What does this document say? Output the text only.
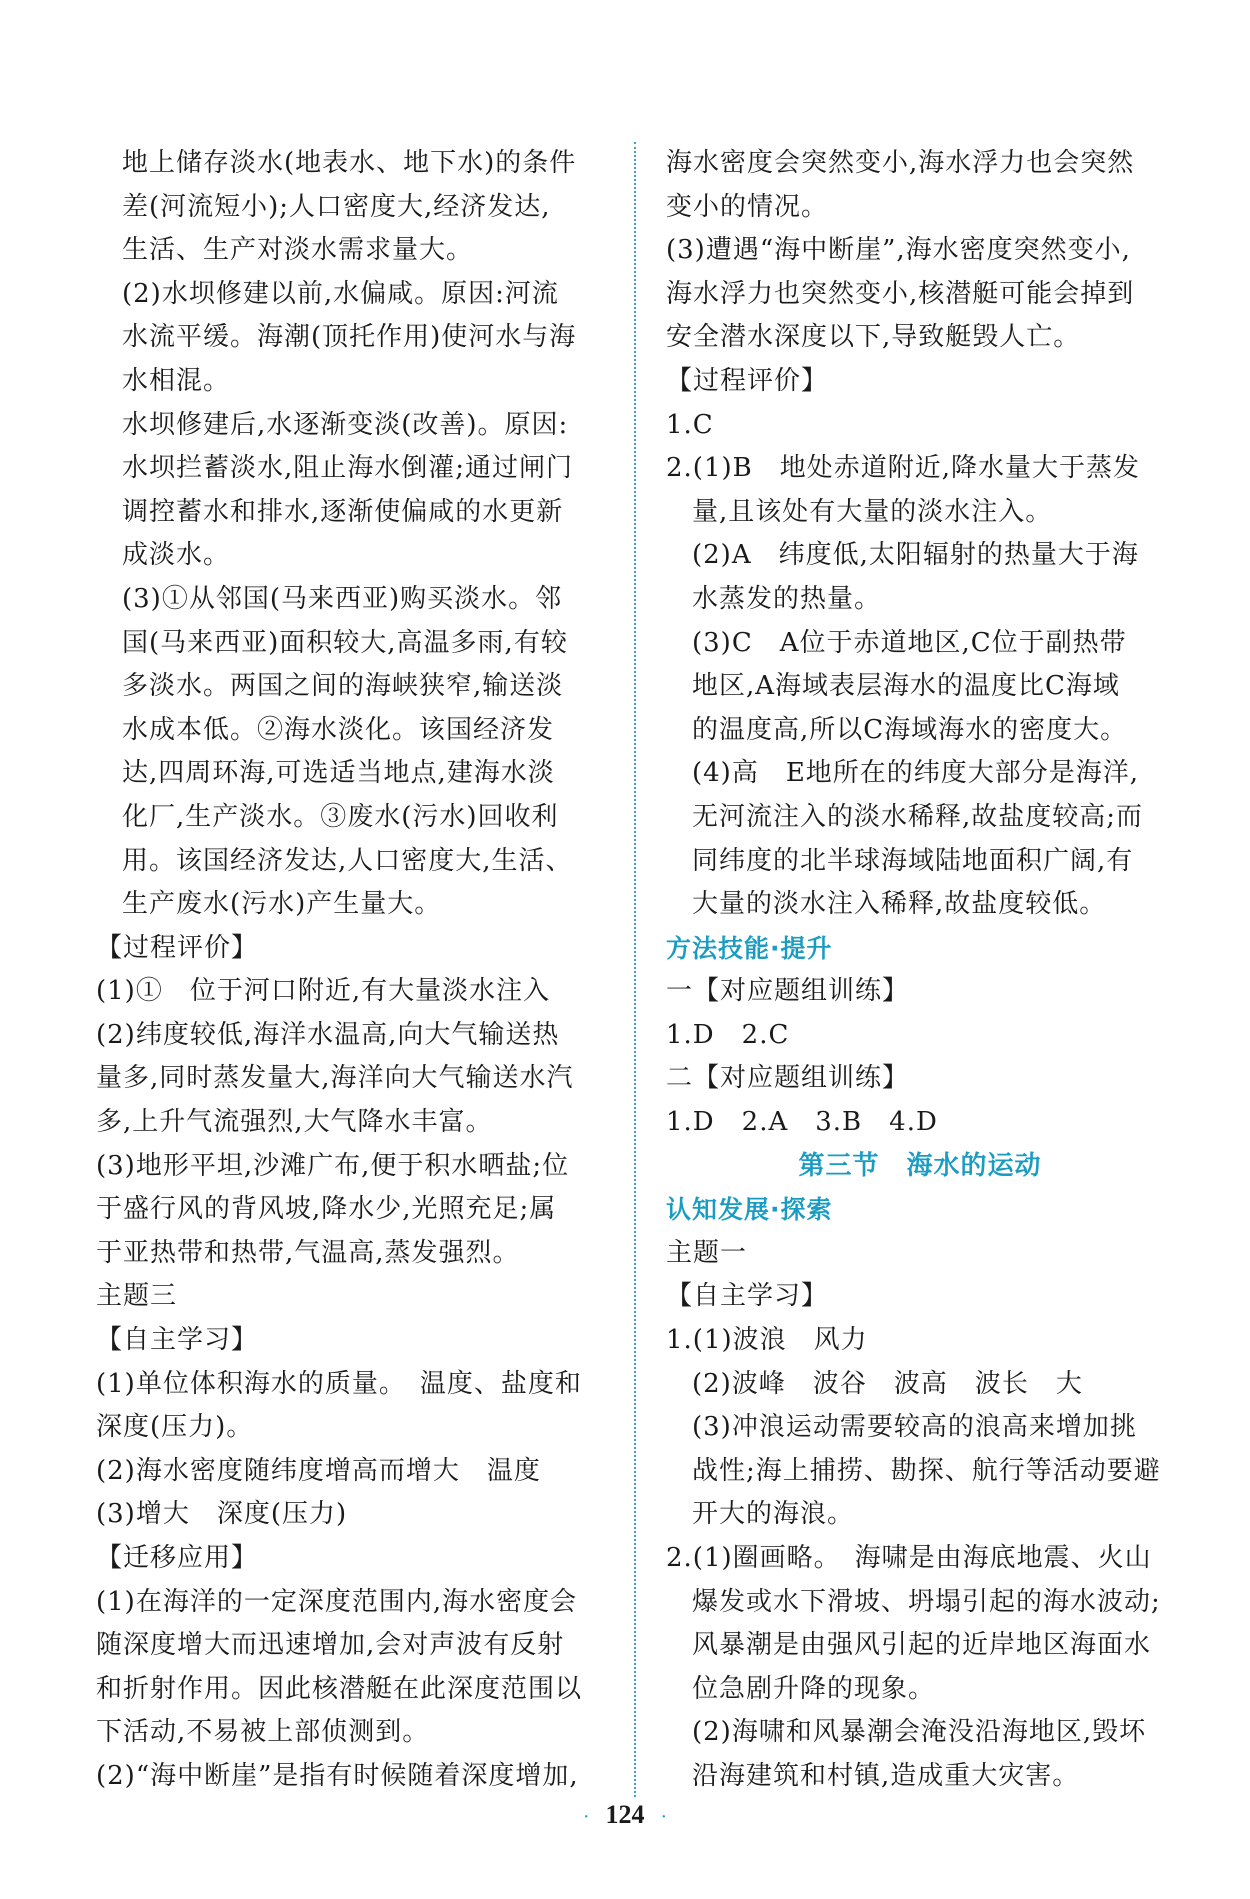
地上储存淡水(地表水、地下水)的条件
差(河流短小);人口密度大,经济发达,
生活、生产对淡水需求量大。
(2)水坝修建以前,水偏咸。原因:河流
水流平缓。海潮(顶托作用)使河水与海
水相混。
水坝修建后,水逐渐变淡(改善)。原因:
水坝拦蓄淡水,阻止海水倒灌;通过闸门
调控蓄水和排水,逐渐使偏咸的水更新
成淡水。
(3)①从邻国(马来西亚)购买淡水。邻
国(马来西亚)面积较大,高温多雨,有较
多淡水。两国之间的海峡狭窄,输送淡
水成本低。②海水淡化。该国经济发
达,四周环海,可选适当地点,建海水淡
化厂,生产淡水。③废水(污水)回收利
用。该国经济发达,人口密度大,生活、
生产废水(污水)产生量大。
【过程评价】
(1)①　位于河口附近,有大量淡水注入
(2)纬度较低,海洋水温高,向大气输送热
量多,同时蒸发量大,海洋向大气输送水汽
多,上升气流强烈,大气降水丰富。
(3)地形平坦,沙滩广布,便于积水晒盐;位
于盛行风的背风坡,降水少,光照充足;属
于亚热带和热带,气温高,蒸发强烈。
主题三
【自主学习】
(1)单位体积海水的质量。　温度、盐度和
深度(压力)。
(2)海水密度随纬度增高而增大　温度
(3)增大　深度(压力)
【迁移应用】
(1)在海洋的一定深度范围内,海水密度会
随深度增大而迅速增加,会对声波有反射
和折射作用。因此核潜艇在此深度范围以
下活动,不易被上部侦测到。
(2)“海中断崖”是指有时候随着深度增加,
海水密度会突然变小,海水浮力也会突然
变小的情况。
(3)遭遇“海中断崖”,海水密度突然变小,
海水浮力也突然变小,核潜艇可能会掉到
安全潜水深度以下,导致艇毁人亡。
【过程评价】
1.C
2.(1)B　地处赤道附近,降水量大于蒸发
量,且该处有大量的淡水注入。
(2)A　纬度低,太阳辐射的热量大于海
水蒸发的热量。
(3)C　A位于赤道地区,C位于副热带
地区,A海域表层海水的温度比C海域
的温度高,所以C海域海水的密度大。
(4)高　E地所在的纬度大部分是海洋,
无河流注入的淡水稀释,故盐度较高;而
同纬度的北半球海域陆地面积广阔,有
大量的淡水注入稀释,故盐度较低。
方法技能·提升
一【对应题组训练】
1.D　2.C
二【对应题组训练】
1.D　2.A　3.B　4.D
第三节　海水的运动
认知发展·探索
主题一
【自主学习】
1.(1)波浪　风力
(2)波峰　波谷　波高　波长　大
(3)冲浪运动需要较高的浪高来增加挑
战性;海上捕捞、勘探、航行等活动要避
开大的海浪。
2.(1)圈画略。　海啸是由海底地震、火山
爆发或水下滑坡、坍塌引起的海水波动;
风暴潮是由强风引起的近岸地区海面水
位急剧升降的现象。
(2)海啸和风暴潮会淹没沿海地区,毁坏
沿海建筑和村镇,造成重大灾害。
· 124 ·
